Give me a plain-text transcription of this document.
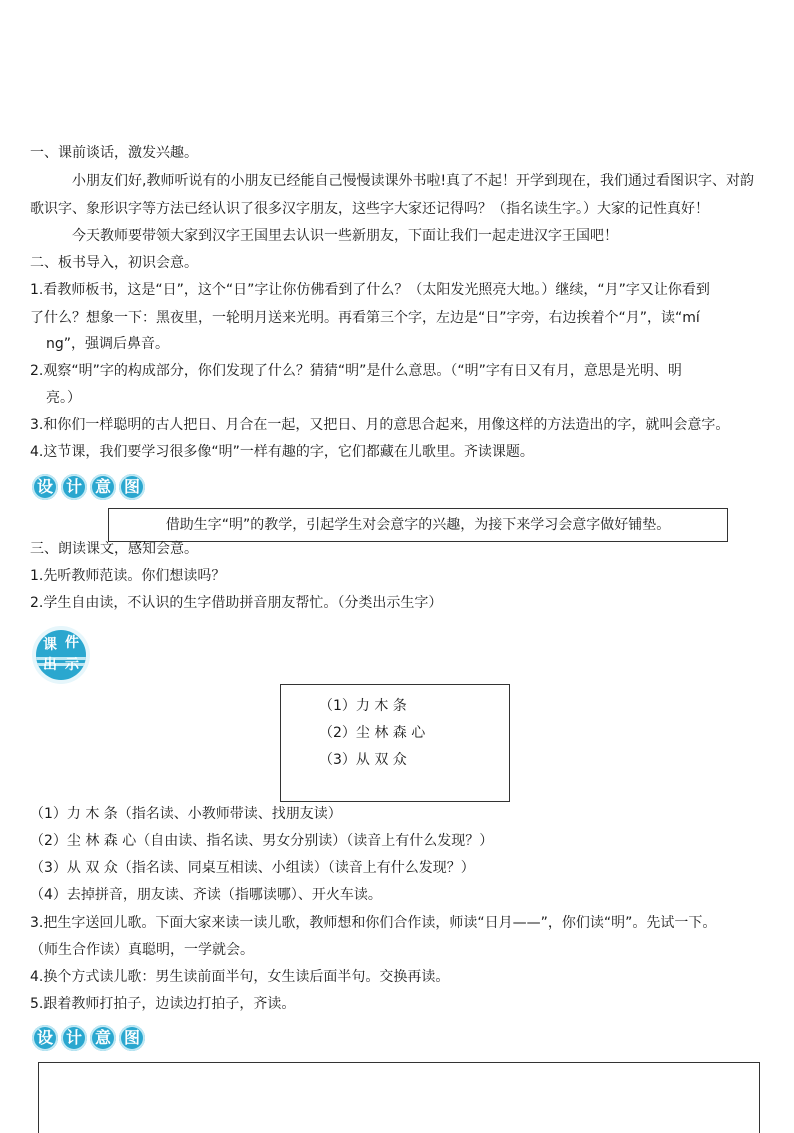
一、课前谈话，激发兴趣。
小朋友们好,教师听说有的小朋友已经能自己慢慢读课外书啦!真了不起！开学到现在，我们通过看图识字、对韵
歌识字、象形识字等方法已经认识了很多汉字朋友，这些字大家还记得吗？（指名读生字。）大家的记性真好！
今天教师要带领大家到汉字王国里去认识一些新朋友，下面让我们一起走进汉字王国吧！
二、板书导入，初识会意。
1.看教师板书，这是“日”，这个“日”字让你仿佛看到了什么？（太阳发光照亮大地。）继续，“月”字又让你看到
了什么？想象一下：黑夜里，一轮明月送来光明。再看第三个字，左边是“日”字旁，右边挨着个“月”，读“mí
ng”，强调后鼻音。
2.观察“明”字的构成部分，你们发现了什么？猜猜“明”是什么意思。（“明”字有日又有月，意思是光明、明
亮。）
3.和你们一样聪明的古人把日、月合在一起，又把日、月的意思合起来，用像这样的方法造出的字，就叫会意字。
4.这节课，我们要学习很多像“明”一样有趣的字，它们都藏在儿歌里。齐读课题。
设 计 意 图
借助生字“明”的教学，引起学生对会意字的兴趣，为接下来学习会意字做好铺垫。
三、朗读课文，感知会意。
1.先听教师范读。你们想读吗？
2.学生自由读，不认识的生字借助拼音朋友帮忙。（分类出示生字）
课 件
出 示
（1）力 木 条
（2）尘 林 森 心
（3）从 双 众
（1）力 木 条（指名读、小教师带读、找朋友读）
（2）尘 林 森 心（自由读、指名读、男女分别读）（读音上有什么发现？）
（3）从 双 众（指名读、同桌互相读、小组读）（读音上有什么发现？）
（4）去掉拼音，朋友读、齐读（指哪读哪）、开火车读。
3.把生字送回儿歌。下面大家来读一读儿歌，教师想和你们合作读，师读“日月——”，你们读“明”。先试一下。
（师生合作读）真聪明，一学就会。
4.换个方式读儿歌：男生读前面半句，女生读后面半句。交换再读。
5.跟着教师打拍子，边读边打拍子，齐读。
设 计 意 图
